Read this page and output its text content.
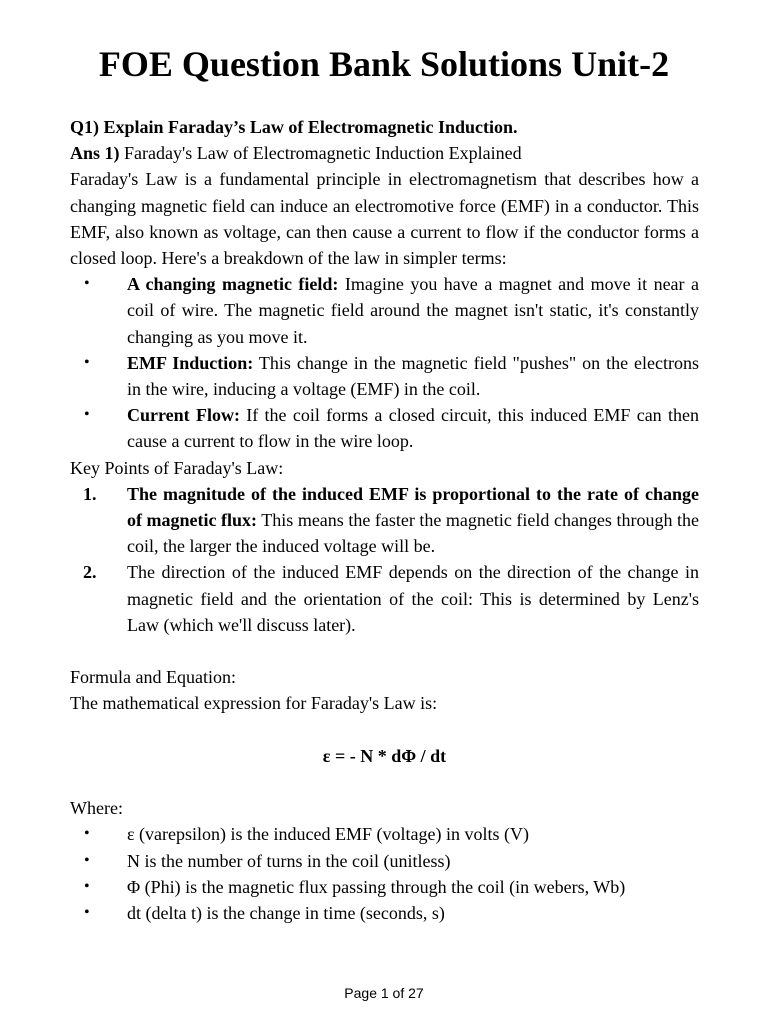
FOE Question Bank Solutions Unit-2

Q1) Explain Faraday’s Law of Electromagnetic Induction.

Ans 1) Faraday's Law of Electromagnetic Induction Explained

Faraday's Law is a fundamental principle in electromagnetism that describes how a changing magnetic field can induce an electromotive force (EMF) in a conductor. This EMF, also known as voltage, can then cause a current to flow if the conductor forms a closed loop. Here's a breakdown of the law in simpler terms:

• A changing magnetic field: Imagine you have a magnet and move it near a coil of wire. The magnetic field around the magnet isn't static, it's constantly changing as you move it.
• EMF Induction: This change in the magnetic field "pushes" on the electrons in the wire, inducing a voltage (EMF) in the coil.
• Current Flow: If the coil forms a closed circuit, this induced EMF can then cause a current to flow in the wire loop.

Key Points of Faraday's Law:

1. The magnitude of the induced EMF is proportional to the rate of change of magnetic flux: This means the faster the magnetic field changes through the coil, the larger the induced voltage will be.
2. The direction of the induced EMF depends on the direction of the change in magnetic field and the orientation of the coil: This is determined by Lenz's Law (which we'll discuss later).

Formula and Equation:

The mathematical expression for Faraday's Law is:

ε = - N * dΦ / dt

Where:

• ε (varepsilon) is the induced EMF (voltage) in volts (V)
• N is the number of turns in the coil (unitless)
• Φ (Phi) is the magnetic flux passing through the coil (in webers, Wb)
• dt (delta t) is the change in time (seconds, s)
Page 1 of 27
